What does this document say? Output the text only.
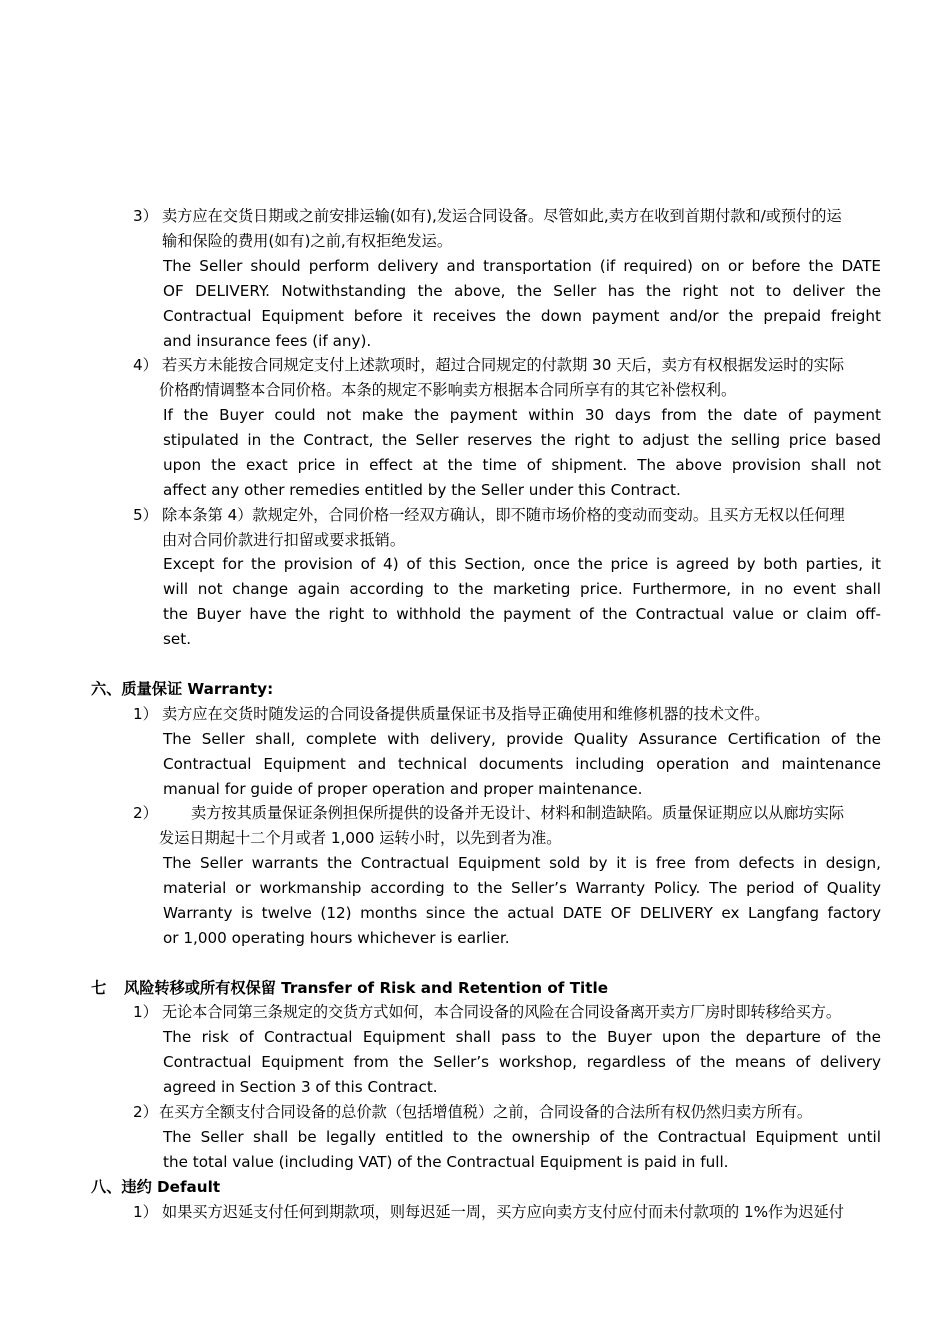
3） 卖方应在交货日期或之前安排运输(如有),发运合同设备。尽管如此,卖方在收到首期付款和/或预付的运
输和保险的费用(如有)之前,有权拒绝发运。
The Seller should perform delivery and transportation (if required) on or before the DATE
OF DELIVERY. Notwithstanding the above, the Seller has the right not to deliver the
Contractual Equipment before it receives the down payment and/or the prepaid freight
and insurance fees (if any).
4） 若买方未能按合同规定支付上述款项时，超过合同规定的付款期 30 天后，卖方有权根据发运时的实际
价格酌情调整本合同价格。本条的规定不影响卖方根据本合同所享有的其它补偿权利。
If the Buyer could not make the payment within 30 days from the date of payment
stipulated in the Contract, the Seller reserves the right to adjust the selling price based
upon the exact price in effect at the time of shipment. The above provision shall not
affect any other remedies entitled by the Seller under this Contract.
5） 除本条第 4）款规定外，合同价格一经双方确认，即不随市场价格的变动而变动。且买方无权以任何理
由对合同价款进行扣留或要求抵销。
Except for the provision of 4) of this Section, once the price is agreed by both parties, it
will not change again according to the marketing price. Furthermore, in no event shall
the Buyer have the right to withhold the payment of the Contractual value or claim off-
set.
六、质量保证 Warranty:
1） 卖方应在交货时随发运的合同设备提供质量保证书及指导正确使用和维修机器的技术文件。
The Seller shall, complete with delivery, provide Quality Assurance Certification of the
Contractual Equipment and technical documents including operation and maintenance
manual for guide of proper operation and proper maintenance.
2） 卖方按其质量保证条例担保所提供的设备并无设计、材料和制造缺陷。质量保证期应以从廊坊实际
发运日期起十二个月或者 1,000 运转小时，以先到者为准。
The Seller warrants the Contractual Equipment sold by it is free from defects in design,
material or workmanship according to the Seller’s Warranty Policy. The period of Quality
Warranty is twelve (12) months since the actual DATE OF DELIVERY ex Langfang factory
or 1,000 operating hours whichever is earlier.
七 风险转移或所有权保留 Transfer of Risk and Retention of Title
1） 无论本合同第三条规定的交货方式如何，本合同设备的风险在合同设备离开卖方厂房时即转移给买方。
The risk of Contractual Equipment shall pass to the Buyer upon the departure of the
Contractual Equipment from the Seller’s workshop, regardless of the means of delivery
agreed in Section 3 of this Contract.
2） 在买方全额支付合同设备的总价款（包括增值税）之前，合同设备的合法所有权仍然归卖方所有。
The Seller shall be legally entitled to the ownership of the Contractual Equipment until
the total value (including VAT) of the Contractual Equipment is paid in full.
八、违约 Default
1） 如果买方迟延支付任何到期款项，则每迟延一周，买方应向卖方支付应付而未付款项的 1%作为迟延付
